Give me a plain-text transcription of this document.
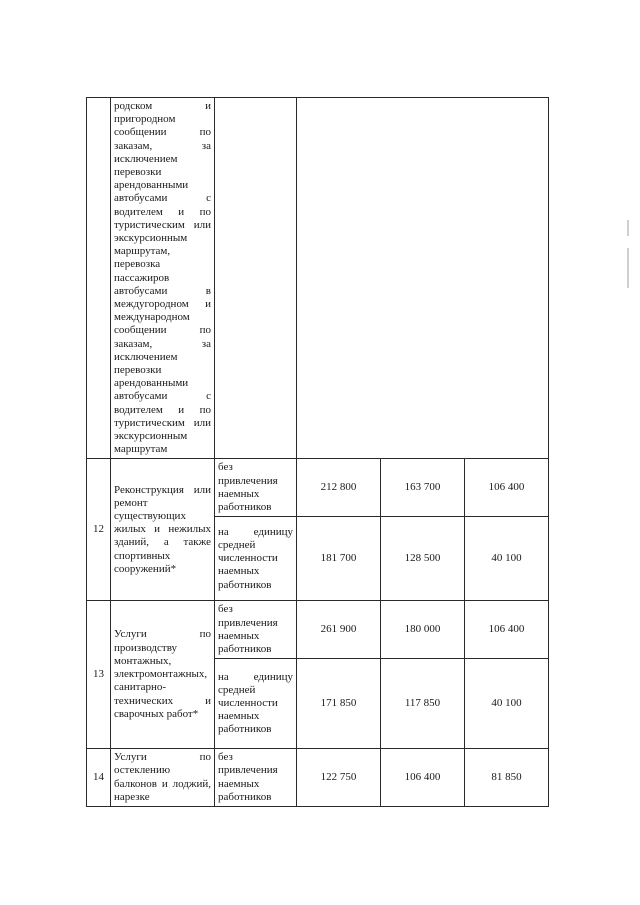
	родском и пригородном сообщении по заказам, за исключением перевозки арендованными автобусами с водителем и по туристическим или экскурсионным маршрутам, перевозка пассажиров автобусами в междугородном и международном сообщении по заказам, за исключением перевозки арендованными автобусами с водителем и по туристическим или экскурсионным маршрутам				
12	Реконструкция или ремонт существующих жилых и нежилых зданий, а также спортивных сооружений*	без привлечения наемных работников	212 800	163 700	106 400
		на единицу средней численности наемных работников	181 700	128 500	40 100
13	Услуги по производству монтажных, электромонтажных, санитарно-технических и сварочных работ*	без привлечения наемных работников	261 900	180 000	106 400
		на единицу средней численности наемных работников	171 850	117 850	40 100
14	Услуги по остеклению балконов и лоджий, нарезке	без привлечения наемных работников	122 750	106 400	81 850
